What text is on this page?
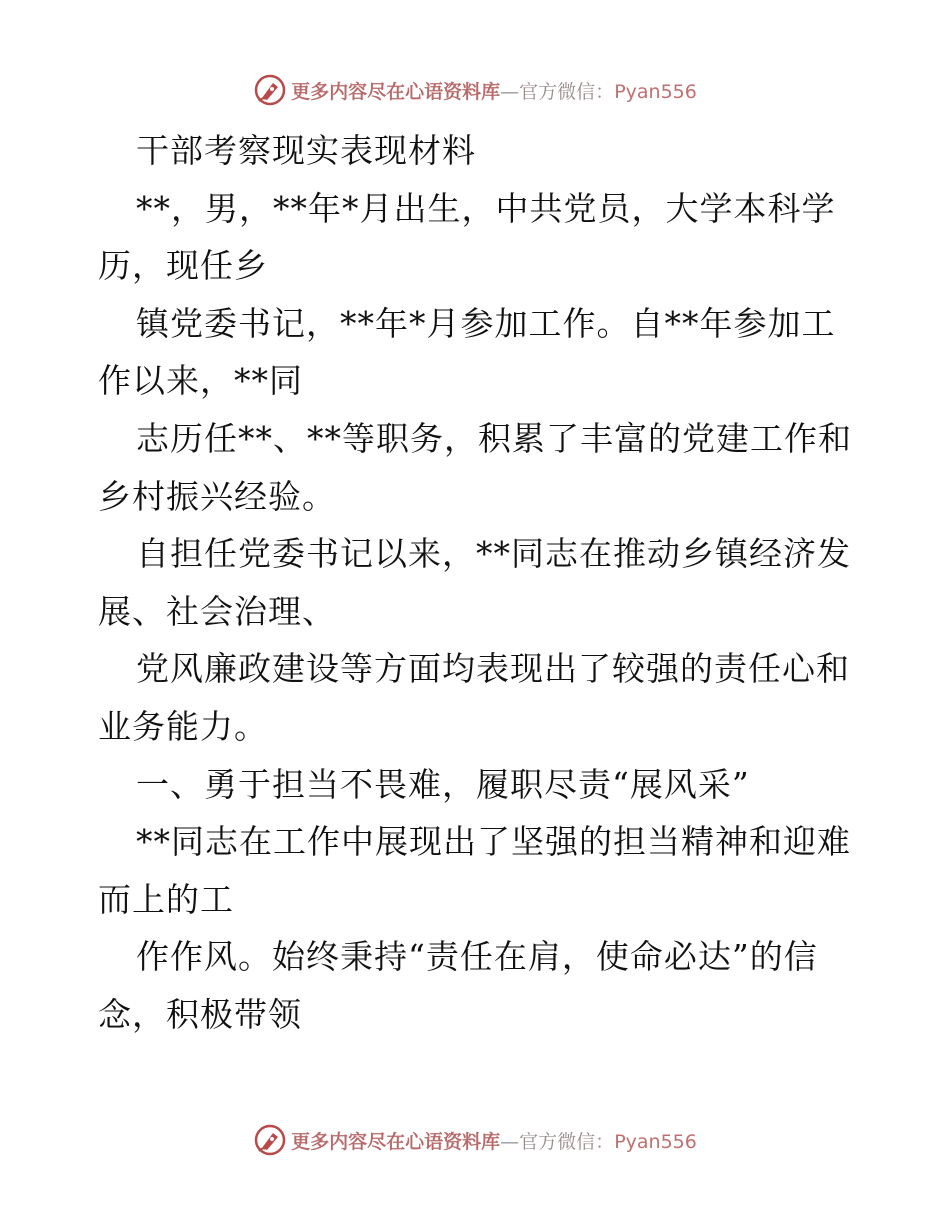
更多内容尽在心语资料库—官方微信：Pyan556
干部考察现实表现材料
**，男，**年*月出生，中共党员，大学本科学
历，现任乡
镇党委书记，**年*月参加工作。自**年参加工
作以来，**同
志历任**、**等职务，积累了丰富的党建工作和
乡村振兴经验。
自担任党委书记以来，**同志在推动乡镇经济发
展、社会治理、
党风廉政建设等方面均表现出了较强的责任心和
业务能力。
一、勇于担当不畏难，履职尽责“展风采”
**同志在工作中展现出了坚强的担当精神和迎难
而上的工
作作风。始终秉持“责任在肩，使命必达”的信
念，积极带领
更多内容尽在心语资料库—官方微信：Pyan556
